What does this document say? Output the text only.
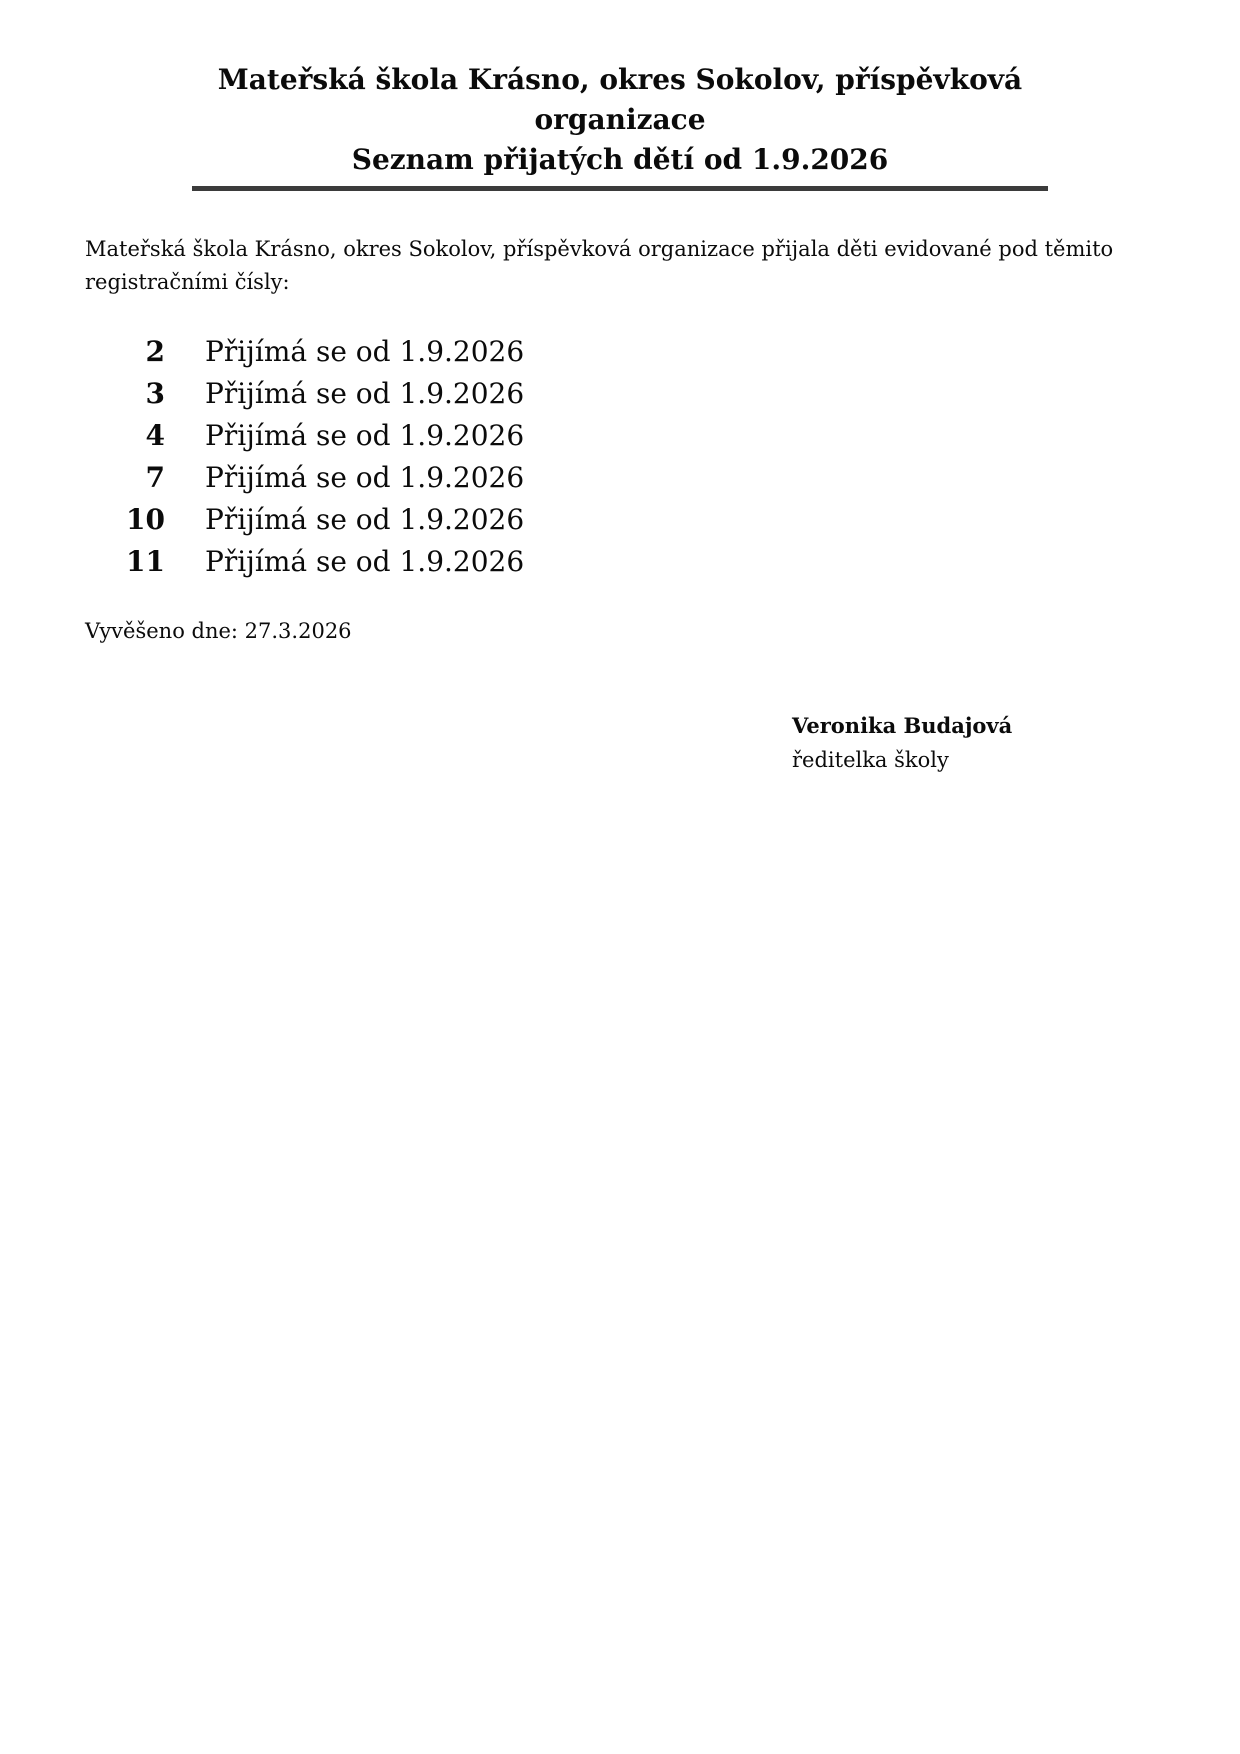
Mateřská škola Krásno, okres Sokolov, příspěvková
organizace
Seznam přijatých dětí od 1.9.2026

Mateřská škola Krásno, okres Sokolov, příspěvková organizace přijala děti evidované pod těmito registračními čísly:

2 Přijímá se od 1.9.2026
3 Přijímá se od 1.9.2026
4 Přijímá se od 1.9.2026
7 Přijímá se od 1.9.2026
10 Přijímá se od 1.9.2026
11 Přijímá se od 1.9.2026

Vyvěšeno dne: 27.3.2026

Veronika Budajová
ředitelka školy
